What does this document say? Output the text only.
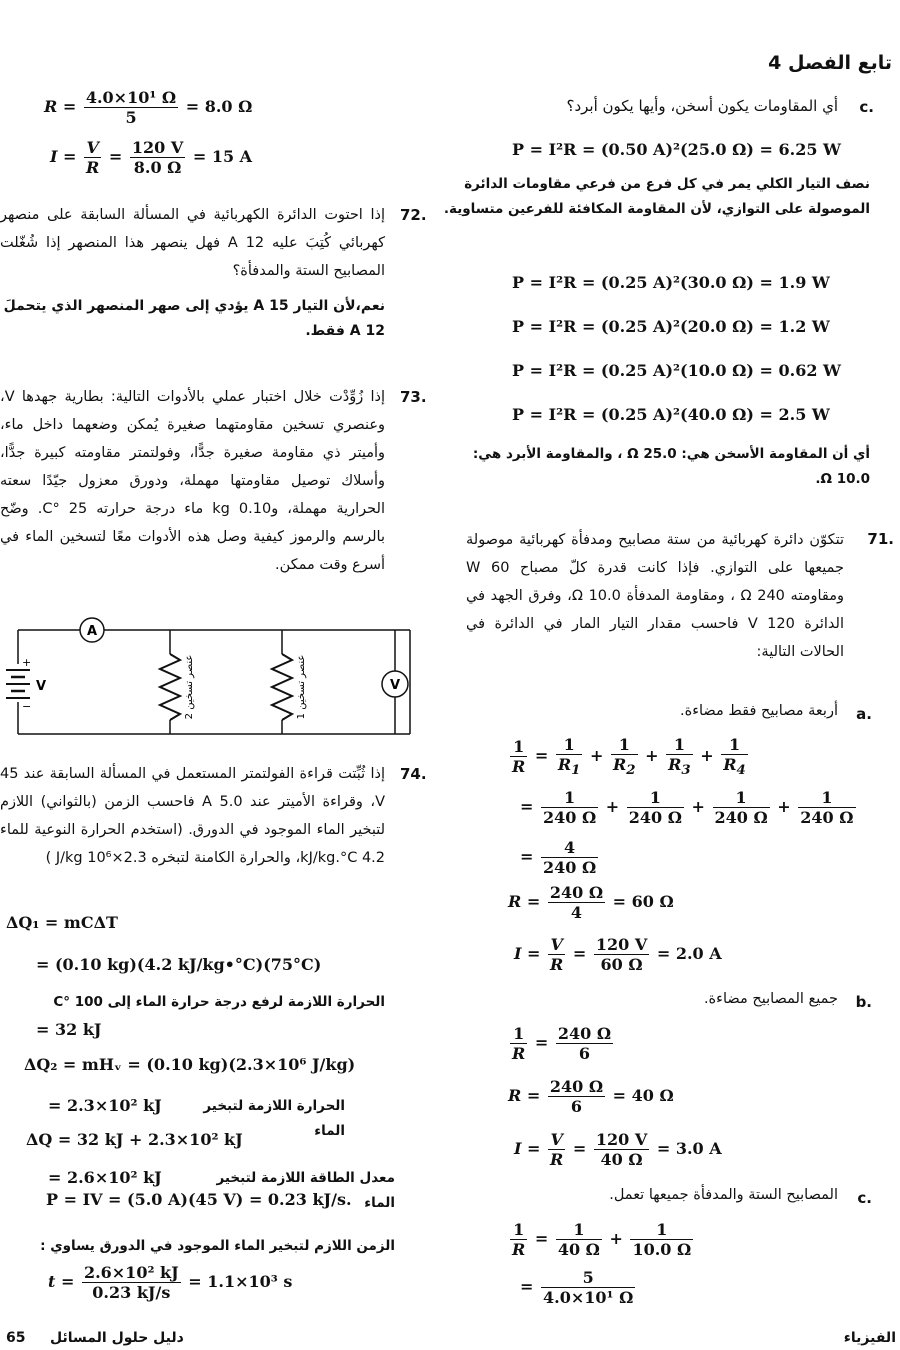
تابع الفصل 4
c.
أي المقاومات يكون أسخن، وأيها يكون أبرد؟
P = I²R = (0.50 A)²(25.0 Ω) = 6.25 W
نصف التيار الكلي يمر في كل فرع من فرعي مقاومات الدائرة الموصولة على التوازي، لأن المقاومة المكافئة للفرعين متساوية.
P = I²R = (0.25 A)²(30.0 Ω) = 1.9 W
P = I²R = (0.25 A)²(20.0 Ω) = 1.2 W
P = I²R = (0.25 A)²(10.0 Ω) = 0.62 W
P = I²R = (0.25 A)²(40.0 Ω) = 2.5 W
أي أن المقاومة الأسخن هي: 25.0 Ω ، والمقاومة الأبرد هي: 10.0 Ω.
71.
تتكوّن دائرة كهربائية من ستة مصابيح ومدفأة كهربائية موصولة جميعها على التوازي. فإذا كانت قدرة كلّ مصباح 60 W ومقاومته 240 Ω ، ومقاومة المدفأة 10.0 Ω، وفرق الجهد في الدائرة 120 V فاحسب مقدار التيار المار في الدائرة في الحالات التالية:
a.
أربعة مصابيح فقط مضاءة.
$\frac{1}{R} = \frac{1}{R_1} + \frac{1}{R_2} + \frac{1}{R_3} + \frac{1}{R_4}$
= $\frac{1}{240 \Omega} + \frac{1}{240 \Omega} + \frac{1}{240 \Omega} + \frac{1}{240 \Omega}$
= $\frac{4}{240 \Omega}$
$R = \frac{240 \Omega}{4} = 60$ Ω
$I = \frac{V}{R} = \frac{120 V}{60 \Omega} = 2.0$ A
b.
جميع المصابيح مضاءة.
$\frac{1}{R} = \frac{240 \Omega}{6}$
$R = \frac{240 \Omega}{6} = 40$ Ω
$I = \frac{V}{R} = \frac{120 V}{40 \Omega} = 3.0$ A
c.
المصابيح الستة والمدفأة جميعها تعمل.
$\frac{1}{R} = \frac{1}{40 \Omega} + \frac{1}{10.0 \Omega}$
= $\frac{5}{\text{4.0×10¹ Ω}}$
$R = \frac{\text{4.0×10¹ Ω}}{5} = 8.0$ Ω
$I = \frac{V}{R} = \frac{120 V}{8.0 \Omega} = 15$ A
72.
إذا احتوت الدائرة الكهربائية في المسألة السابقة على منصهر كهربائي كُتِبَ عليه 12 A فهل ينصهر هذا المنصهر إذا شُغّلت المصابيح الستة والمدفأة؟
نعم،لأن التيار 15 A يؤدي إلى صهر المنصهر الذي يتحملَ 12 A فقط.
73.
إذا زُوِّدْت خلال اختبار عملي بالأدوات التالية: بطارية جهدها V، وعنصري تسخين مقاومتهما صغيرة يُمكن وضعهما داخل ماء، وأميتر ذي مقاومة صغيرة جدًّا، وفولتمتر مقاومته كبيرة جدًّا، وأسلاك توصيل مقاومتها مهملة، ودورق معزول جيّدًا سعته الحرارية مهملة، و0.10 kg ماء درجة حرارته 25 °C. وضّح بالرسم والرموز كيفية وصل هذه الأدوات معًا لتسخين الماء في أسرع وقت ممكن.
+
−
V
A
عنصر تسخين 2
عنصر تسخين 1	V
74.
إذا ثُبِّتت قراءة الفولتمتر المستعمل في المسألة السابقة عند 45 V، وقراءة الأميتر عند 5.0 A فاحسب الزمن (بالثواني) اللازم لتبخير الماء الموجود في الدورق. (استخدم الحرارة النوعية للماء 4.2 kJ/kg.°C، والحرارة الكامنة لتبخره 2.3×10⁶ J/kg )
ΔQ₁ = mCΔT
= (0.10 kg)(4.2 kJ/kg•°C)(75°C)
الحرارة اللازمة لرفع درجة حرارة الماء إلى 100 °C
= 32 kJ
ΔQ₂ = mHᵥ = (0.10 kg)(2.3×10⁶ J/kg)
= 2.3×10² kJ	الحرارة اللازمة لتبخير الماء
ΔQ = 32 kJ + 2.3×10² kJ
= 2.6×10² kJ	معدل الطاقة اللازمة لتبخير الماء
P = IV = (5.0 A)(45 V) = 0.23 kJ/s.
الزمن اللازم لتبخير الماء الموجود في الدورق يساوي :
$t = \frac{\text{2.6×10² kJ}}{0.23 kJ/s} = 1.1\times 10^3$ s
65 دليل حلول المسائل	الفيزياء
